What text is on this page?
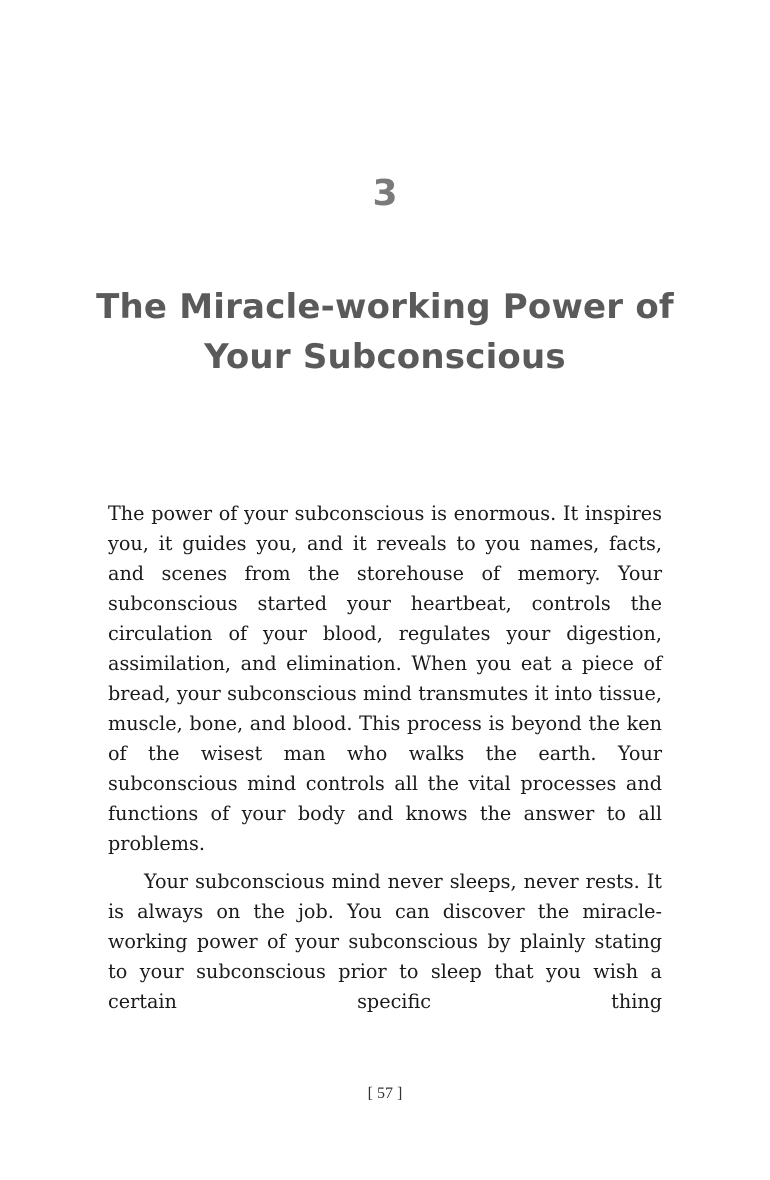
3
The Miracle-working Power of Your Subconscious

The power of your subconscious is enormous. It inspires you, it guides you, and it reveals to you names, facts, and scenes from the storehouse of memory. Your subconscious started your heartbeat, controls the circulation of your blood, regulates your digestion, assimilation, and elimination. When you eat a piece of bread, your subconscious mind transmutes it into tissue, muscle, bone, and blood. This process is beyond the ken of the wisest man who walks the earth. Your subconscious mind controls all the vital processes and functions of your body and knows the answer to all problems.

Your subconscious mind never sleeps, never rests. It is always on the job. You can discover the miracle-working power of your subconscious by plainly stating to your subconscious prior to sleep that you wish a certain specific thing

[ 57 ]
